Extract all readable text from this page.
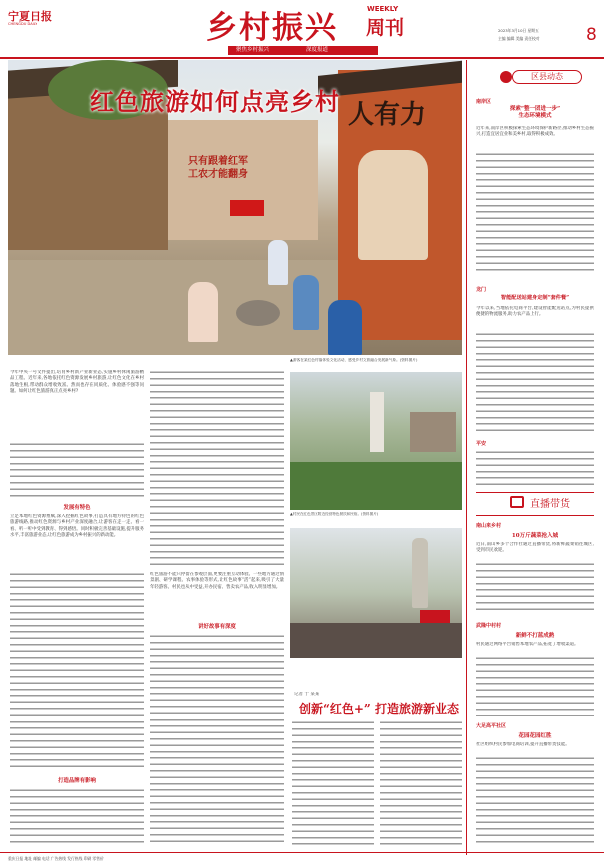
宁夏日报
CHENGDU DAILY	乡村振兴
WEEKLY
周刊	2023年3月10日 星期五
主编 编辑 美编 责任校对	8
聚焦乡村振兴	深度报道
只有跟着红军
工农才能翻身
人有力
红色旅游如何点亮乡村
▲游客在某红色村落体验文化活动，感受乡村文旅融合发展新气象。(资料图片)
区县动态
南岸区
探索“整一团进一步”
生态环境模式
近年来,南岸区积极探索生态环境保护新路径,推动乡村生态振兴,打造宜居宜业和美乡村,取得积极成效。
龙门
智能配送站建身定制“套件餐”
今年以来,当地依托电商平台,建设智能配送站点,为村民提供便捷的物流服务,助力农产品上行。
平安
直播带货
南山来乡村
10万斤蔬菜抢入城
近日,南山乡多个合作社通过直播带货,将新鲜蔬菜销往城区,受到市民欢迎。
武隆中村村
新鲜不打蓝成熟
村民通过网络平台销售本地农产品,拓宽了增收渠道。
大足高平社区
花园花园红胜
社区组织村民参加电商培训,提升直播带货技能。
今年中央一号文件提出,培育乡村新产业新业态,实施乡村休闲旅游精品工程。近年来,各地依托红色资源发展乡村旅游,让红色文化在乡村落地生根,带动群众增收致富。然而也存在同质化、体验感不强等问题。如何让红色旅游真正点亮乡村?
发展有特色
立足本地红色资源禀赋,深入挖掘红色故事,打造具有地方特色的红色旅游线路,推动红色资源与乡村产业深度融合,让游客在走一走、看一看、听一听中受到教育、得到感悟。同时积极完善基础设施,提升服务水平,丰富旅游业态,让红色旅游成为乡村振兴的新动能。
打造品牌有影响
红色旅游不能只停留在参观层面,更要注重互动体验。一些地方通过情景剧、研学课程、农事体验等形式,让红色故事“活”起来,吸引了大量年轻游客。村民也从中受益,开办民宿、售卖农产品,收入明显增加。
讲好故事有深度
▲村民在红色景区附近经营特色餐饮和民宿。(资料图片)
记者 于 某某
创新“红色+” 打造旅游新业态
重庆日报 地址 邮编 电话 广告热线 发行热线 印刷 零售价
